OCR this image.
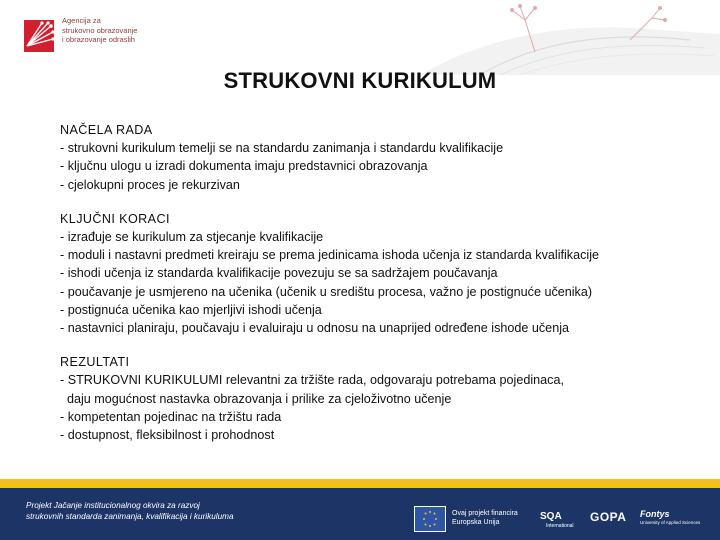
Agencija za
strukovno obrazovanje
i obrazovanje odraslih
STRUKOVNI KURIKULUM
NAČELA RADA
- strukovni kurikulum temelji se na standardu zanimanja i standardu kvalifikacije
- ključnu ulogu u izradi dokumenta imaju predstavnici obrazovanja
- cjelokupni proces je rekurzivan
KLJUČNI KORACI
- izrađuje se kurikulum za stjecanje kvalifikacije
- moduli i nastavni predmeti kreiraju se prema jedinicama ishoda učenja iz standarda kvalifikacije
- ishodi učenja iz standarda kvalifikacije povezuju se sa sadržajem poučavanja
- poučavanje je usmjereno na učenika (učenik u središtu procesa, važno je postignuće učenika)
- postignuća učenika kao mjerljivi ishodi učenja
- nastavnici planiraju, poučavaju i evaluiraju u odnosu na unaprijed određene ishode učenja
REZULTATI
- STRUKOVNI KURIKULUMI relevantni za tržište rada, odgovaraju potrebama pojedinaca,
daju mogućnost nastavka obrazovanja i prilike za cjeloživotno učenje
- kompetentan pojedinac na tržištu rada
- dostupnost, fleksibilnost i prohodnost
Projekt Jačanje institucionalnog okvira za razvoj
strukovnih standarda zanimanja, kvalifikacija i kurikuluma	Ovaj projekt financira
Europska Unija
SQA
International
GOPA Fontys
University of Applied Sciences
